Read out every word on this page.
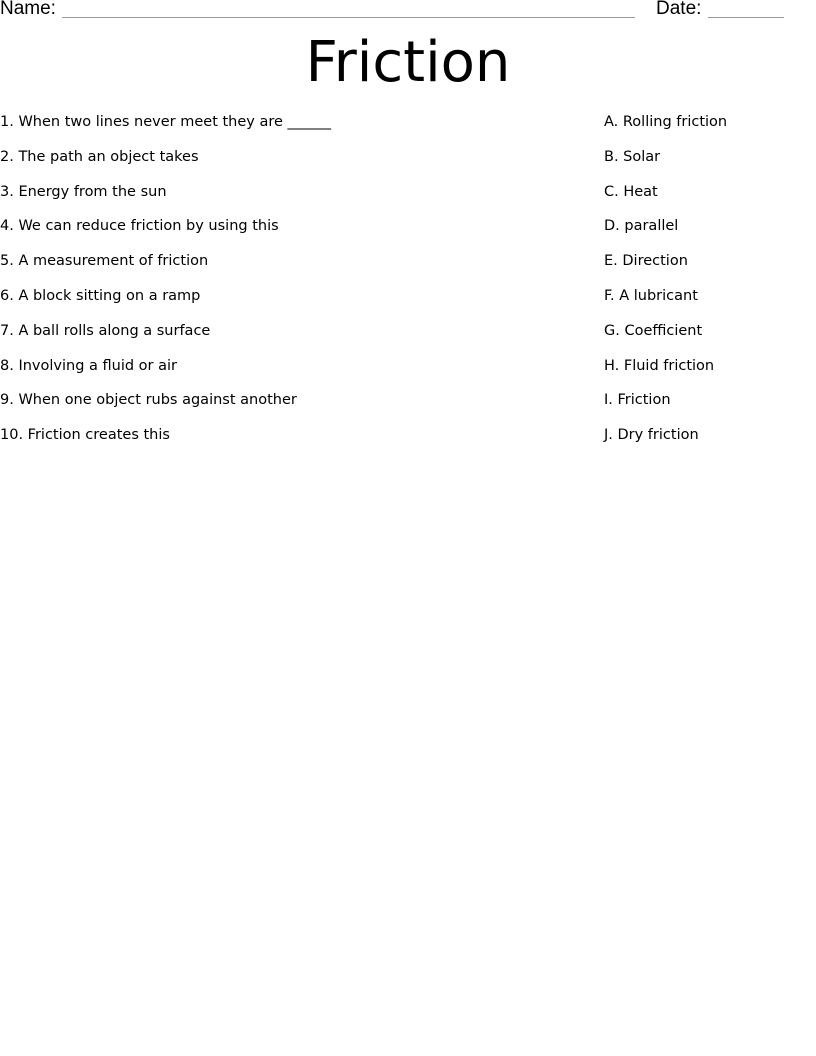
Name:	Date:
Friction
1. When two lines never meet they are ______
2. The path an object takes
3. Energy from the sun
4. We can reduce friction by using this
5. A measurement of friction
6. A block sitting on a ramp
7. A ball rolls along a surface
8. Involving a fluid or air
9. When one object rubs against another
10. Friction creates this
A. Rolling friction
B. Solar
C. Heat
D. parallel
E. Direction
F. A lubricant
G. Coefficient
H. Fluid friction
I. Friction
J. Dry friction
